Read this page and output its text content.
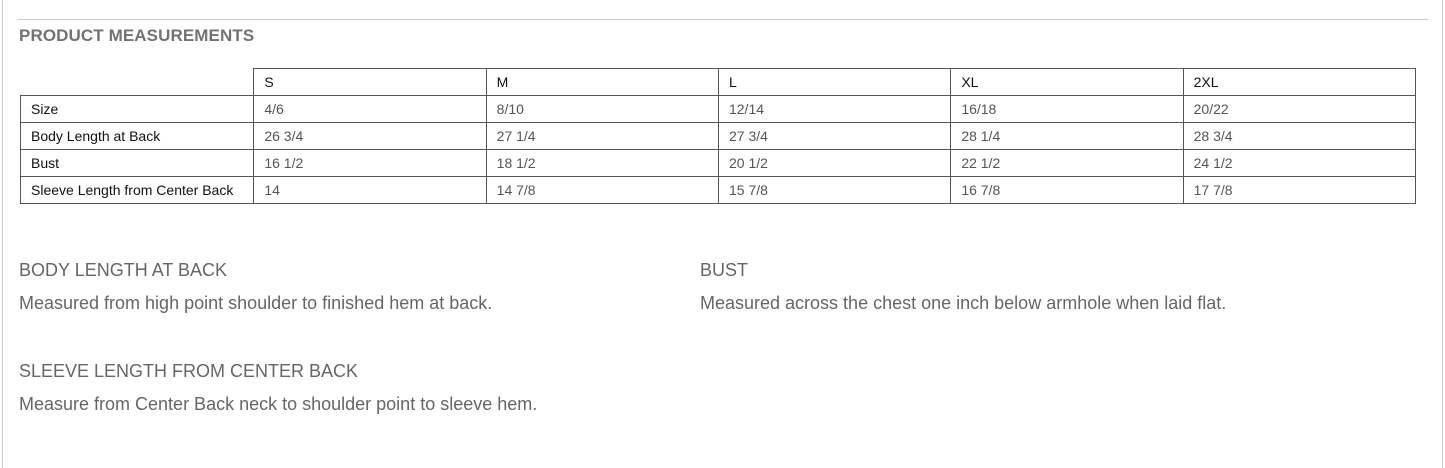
PRODUCT MEASUREMENTS
	S	M	L	XL	2XL
Size	4/6	8/10	12/14	16/18	20/22
Body Length at Back	26 3/4	27 1/4	27 3/4	28 1/4	28 3/4
Bust	16 1/2	18 1/2	20 1/2	22 1/2	24 1/2
Sleeve Length from Center Back	14	14 7/8	15 7/8	16 7/8	17 7/8

BODY LENGTH AT BACK

Measured from high point shoulder to finished hem at back.

BUST

Measured across the chest one inch below armhole when laid flat.

SLEEVE LENGTH FROM CENTER BACK

Measure from Center Back neck to shoulder point to sleeve hem.
